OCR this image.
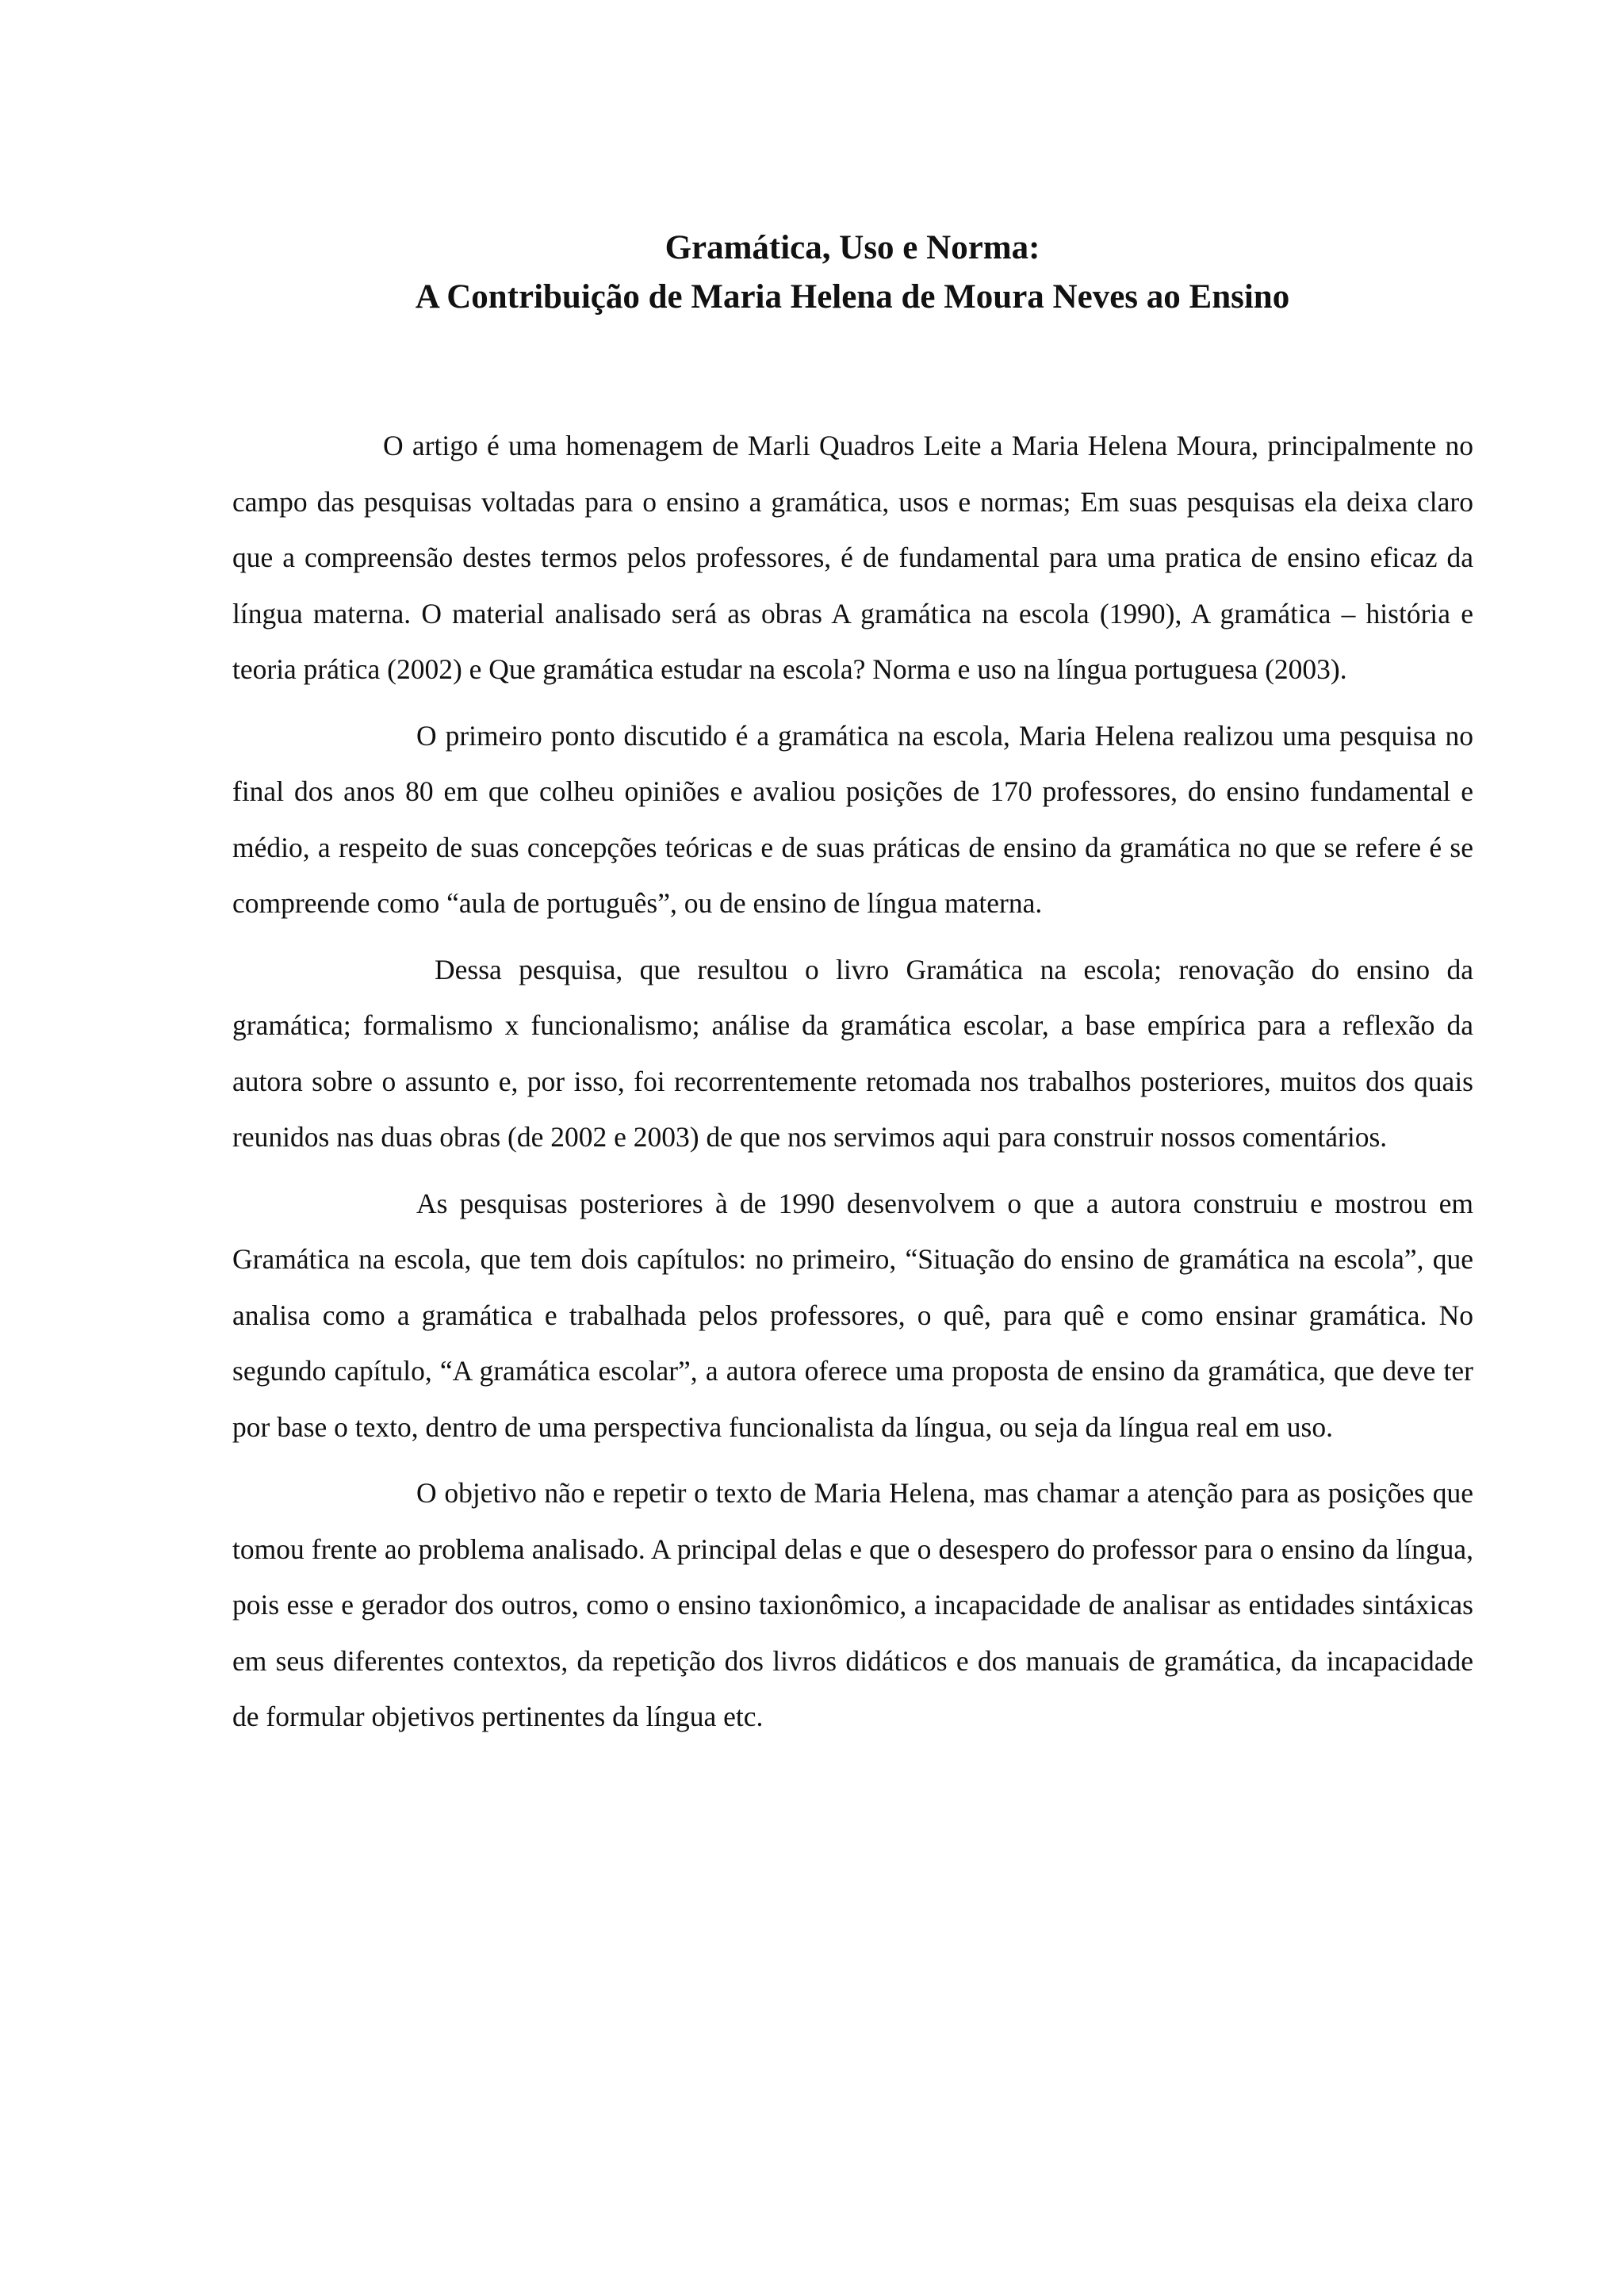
Gramática, Uso e Norma:

A Contribuição de Maria Helena de Moura Neves ao Ensino

O artigo é uma homenagem de Marli Quadros Leite a Maria Helena Moura, principalmente no campo das pesquisas voltadas para o ensino a gramática, usos e normas; Em suas pesquisas ela deixa claro que a compreensão destes termos pelos professores, é de fundamental para uma pratica de ensino eficaz da língua materna. O material analisado será as obras A gramática na escola (1990), A gramática – história e teoria prática (2002) e Que gramática estudar na escola? Norma e uso na língua portuguesa (2003).

O primeiro ponto discutido é a gramática na escola, Maria Helena realizou uma pesquisa no final dos anos 80 em que colheu opiniões e avaliou posições de 170 professores, do ensino fundamental e médio, a respeito de suas concepções teóricas e de suas práticas de ensino da gramática no que se refere é se compreende como “aula de português”, ou de ensino de língua materna.

Dessa pesquisa, que resultou o livro Gramática na escola; renovação do ensino da gramática; formalismo x funcionalismo; análise da gramática escolar, a base empírica para a reflexão da autora sobre o assunto e, por isso, foi recorrentemente retomada nos trabalhos posteriores, muitos dos quais reunidos nas duas obras (de 2002 e 2003) de que nos servimos aqui para construir nossos comentários.

As pesquisas posteriores à de 1990 desenvolvem o que a autora construiu e mostrou em Gramática na escola, que tem dois capítulos: no primeiro, “Situação do ensino de gramática na escola”, que analisa como a gramática e trabalhada pelos professores, o quê, para quê e como ensinar gramática. No segundo capítulo, “A gramática escolar”, a autora oferece uma proposta de ensino da gramática, que deve ter por base o texto, dentro de uma perspectiva funcionalista da língua, ou seja da língua real em uso.

O objetivo não e repetir o texto de Maria Helena, mas chamar a atenção para as posições que tomou frente ao problema analisado. A principal delas e que o desespero do professor para o ensino da língua, pois esse e gerador dos outros, como o ensino taxionômico, a incapacidade de analisar as entidades sintáxicas em seus diferentes contextos, da repetição dos livros didáticos e dos manuais de gramática, da incapacidade de formular objetivos pertinentes da língua etc.
